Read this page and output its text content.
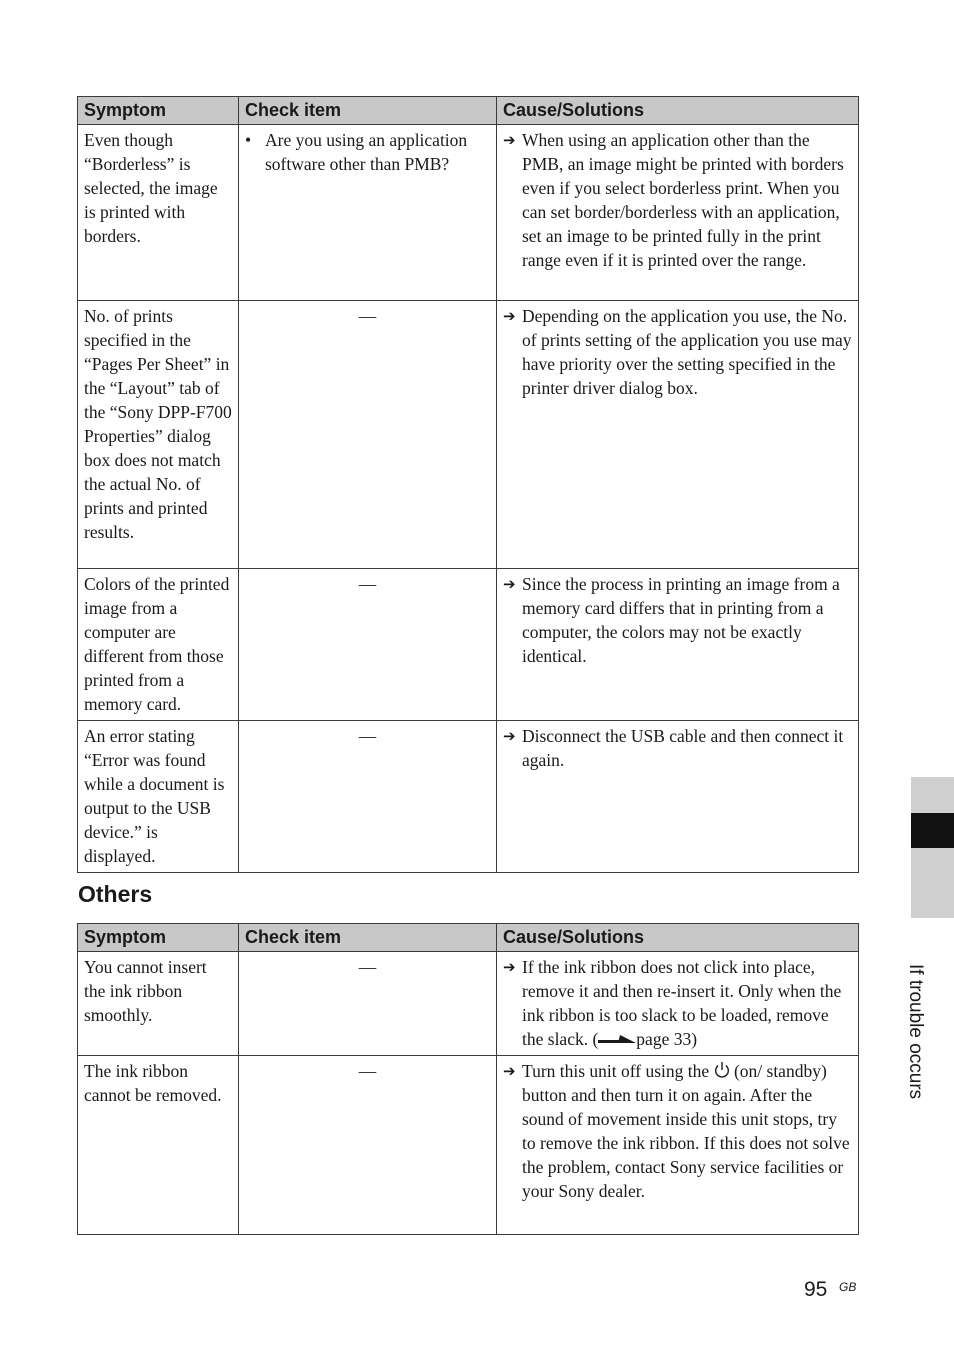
Symptom	Check item	Cause/Solutions
Even though “Borderless” is selected, the image is printed with borders.	• Are you using an application software other than PMB?	➔ When using an application other than the PMB, an image might be printed with borders even if you select borderless print. When you can set border/borderless with an application, set an image to be printed fully in the print range even if it is printed over the range.

No. of prints specified in the “Pages Per Sheet” in the “Layout” tab of the “Sony DPP-F700 Properties” dialog box does not match the actual No. of prints and printed results.	—	➔ Depending on the application you use, the No. of prints setting of the application you use may have priority over the setting specified in the printer driver dialog box.

Colors of the printed image from a computer are different from those printed from a memory card.	—	➔ Since the process in printing an image from a memory card differs that in printing from a computer, the colors may not be exactly identical.

An error stating “Error was found while a document is output to the USB device.” is displayed.	—	➔ Disconnect the USB cable and then connect it again.
Others
Symptom	Check item	Cause/Solutions
You cannot insert the ink ribbon smoothly.	—	➔ If the ink ribbon does not click into place, remove it and then re-insert it. Only when the ink ribbon is too slack to be loaded, remove the slack. ( page 33)

The ink ribbon cannot be removed.	—	➔ Turn this unit off using the (on/ standby) button and then turn it on again. After the sound of movement inside this unit stops, try to remove the ink ribbon. If this does not solve the problem, contact Sony service facilities or your Sony dealer.
If trouble occurs
95 GB
